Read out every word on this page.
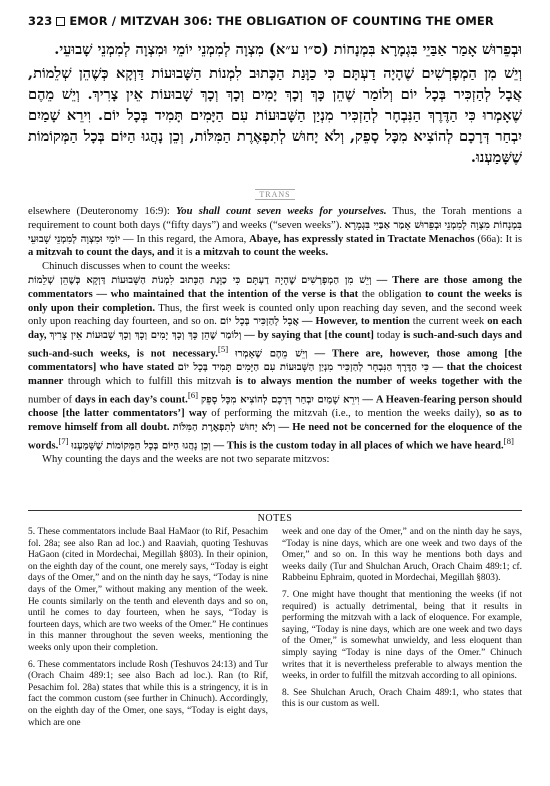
323 EMOR / MITZVAH 306: THE OBLIGATION OF COUNTING THE OMER

וּבְפֵרוּשׁ אָמַר אַבַּיֵי בִּגְמָרָא בִּמְנָחוֹת (ס״ו ע״א) מִצְוָה לְמִמְנֵי יוֹמֵי וּמִצְוָה לְמִמְנֵי שָׁבוּעֵי.

וְיֵשׁ מִן הַמְפָרְשִׁים שֶׁהָיָה דַעְתָּם כִּי כַוָּנַת הַכָּתוּב לִמְנוֹת הַשָּׁבוּעוֹת דַּוְקָא כְּשֶׁהֵן שְׁלֵמוֹת, אֲבָל לְהַזְכִּיר בְּכָל יוֹם וְלוֹמַר שֶׁהֵן כָּךְ וְכָךְ יָמִים וְכָךְ וְכָךְ שָׁבוּעוֹת אֵין צָרִיךְ. וְיֵשׁ מֵהֶם שֶׁאָמְרוּ כִּי הַדֶּרֶךְ הַנִּבְחָר לְהַזְכִּיר מִנְיַן הַשָּׁבוּעוֹת עִם הַיָּמִים תָּמִיד בְּכָל יוֹם. וִירֵא שָׁמַיִם יִבְחַר דְּרָכָם לְהוֹצִיא מִכָּל סָפֵק, וְלֹא יָחוּשׁ לְתִפְאֶרֶת הַמִּלּוֹת, וְכֵן נָהֲגוּ הַיּוֹם בְּכָל הַמְּקוֹמוֹת שֶׁשָּׁמַעְנוּ.

TRANS

elsewhere (Deuteronomy 16:9): You shall count seven weeks for yourselves. Thus, the Torah mentions a requirement to count both days (“fifty days”) and weeks (“seven weeks”). וּבְפֵרוּשׁ אָמַר אַבַּיֵי בִּגְמָרָא בִּמְנָחוֹת מִצְוָה לְמִמְנֵי יוֹמֵי וּמִצְוָה לְמִמְנֵי שָׁבוּעֵי — In this regard, the Amora, Abaye, has expressly stated in Tractate Menachos (66a): It is a mitzvah to count the days, and it is a mitzvah to count the weeks.

Chinuch discusses when to count the weeks:

שֶׁהָיָה דַעְתָּם כִּי כַוָּנַת הַכָּתוּב לִמְנוֹת הַשָּׁבוּעוֹת דַּוְקָא כְּשֶׁהֵן שְׁלֵמוֹת וְיֵשׁ מִן הַמְפָרְשִׁים — There are those among the commentators — who maintained that the intention of the verse is that the obligation to count the weeks is only upon their completion. Thus, the first week is counted only upon reaching day seven, and the second week only upon reaching day fourteen, and so on. אֲבָל לְהַזְכִּיר בְּכָל יוֹם — However, to mention the current week on each day, וְלוֹמַר שֶׁהֵן כָּךְ וְכָךְ יָמִים וְכָךְ וְכָךְ שָׁבוּעוֹת אֵין צָרִיךְ — by saying that [the count] today is such-and-such days and such-and-such weeks, is not necessary.[5] וְיֵשׁ מֵהֶם שֶׁאָמְרוּ — There are, however, those among [the commentators] who have stated כִּי הַדֶּרֶךְ הַנִּבְחָר לְהַזְכִּיר מִנְיַן הַשָּׁבוּעוֹת עִם הַיָּמִים תָּמִיד בְּכָל יוֹם — that the choicest manner through which to fulfill this mitzvah is to always mention the number of weeks together with the number of days in each day’s count.[6] וִירֵא שָׁמַיִם יִבְחַר דְּרָכָם לְהוֹצִיא מִכָּל סָפֵק — A Heaven-fearing person should choose [the latter commentators’] way of performing the mitzvah (i.e., to mention the weeks daily), so as to remove himself from all doubt. וְלֹא יָחוּשׁ לְתִפְאֶרֶת הַמִּלּוֹת — He need not be concerned for the eloquence of the words.[7] וְכֵן נָהֲגוּ הַיּוֹם בְּכָל הַמְּקוֹמוֹת שֶׁשָּׁמַעְנוּ — This is the custom today in all places of which we have heard.[8]

Why counting the days and the weeks are not two separate mitzvos:

NOTES

5. These commentators include Baal HaMaor (to Rif, Pesachim fol. 28a; see also Ran ad loc.) and Raaviah, quoting Teshuvas HaGaon (cited in Mordechai, Megillah §803). In their opinion, on the eighth day of the count, one merely says, “Today is eight days of the Omer,” and on the ninth day he says, “Today is nine days of the Omer,” without making any mention of the week. He counts similarly on the tenth and eleventh days and so on, until he comes to day fourteen, when he says, “Today is fourteen days, which are two weeks of the Omer.” He continues in this manner throughout the seven weeks, mentioning the weeks only upon their completion.

6. These commentators include Rosh (Teshuvos 24:13) and Tur (Orach Chaim 489:1; see also Bach ad loc.). Ran (to Rif, Pesachim fol. 28a) states that while this is a stringency, it is in fact the common custom (see further in Chinuch). Accordingly, on the eighth day of the Omer, one says, “Today is eight days, which are one

week and one day of the Omer,” and on the ninth day he says, “Today is nine days, which are one week and two days of the Omer,” and so on. In this way he mentions both days and weeks daily (Tur and Shulchan Aruch, Orach Chaim 489:1; cf. Rabbeinu Ephraim, quoted in Mordechai, Megillah §803).

7. One might have thought that mentioning the weeks (if not required) is actually detrimental, being that it results in performing the mitzvah with a lack of eloquence. For example, saying, “Today is nine days, which are one week and two days of the Omer,” is somewhat unwieldy, and less eloquent than simply saying “Today is nine days of the Omer.” Chinuch writes that it is nevertheless preferable to always mention the weeks, in order to fulfill the mitzvah according to all opinions.

8. See Shulchan Aruch, Orach Chaim 489:1, who states that this is our custom as well.
